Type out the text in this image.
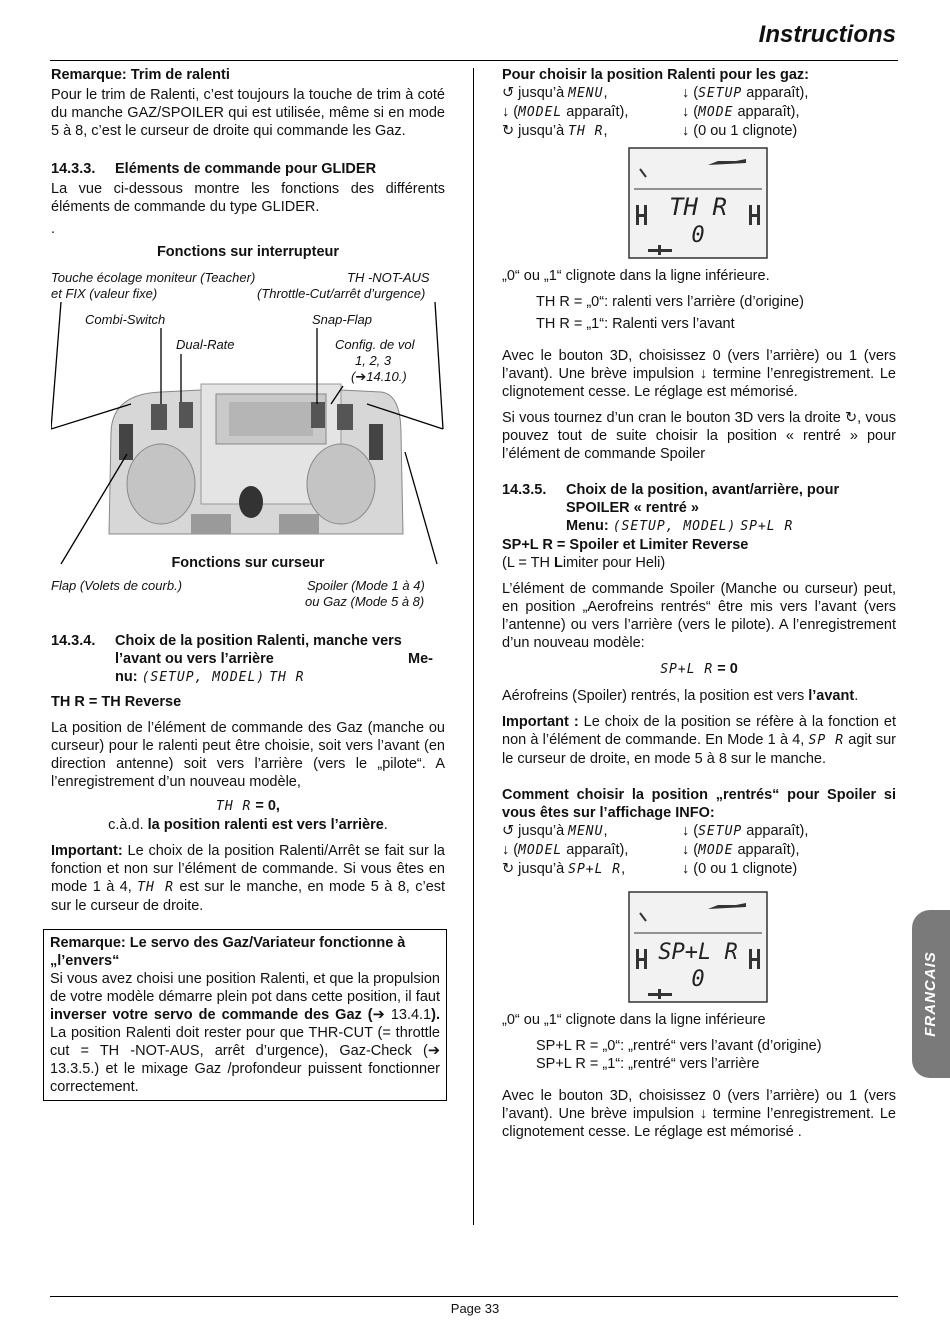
Instructions

Remarque: Trim de ralenti

Pour le trim de Ralenti, c’est toujours la touche de trim à coté du manche GAZ/SPOILER qui est utilisée, même si en mode 5 à 8, c’est le curseur de droite qui commande les Gaz.

14.3.3. Eléments de commande pour GLIDER

La vue ci-dessous montre les fonctions des différents éléments de commande du type GLIDER.

.

Fonctions sur interrupteur
Touche écolage moniteur (Teacher)
et FIX (valeur fixe)
TH -NOT-AUS
(Throttle-Cut/arrêt d’urgence)
Combi-Switch	Snap-Flap
Dual-Rate	Config. de vol
1, 2, 3
(➔14.10.)
Fonctions sur curseur
Flap (Volets de courb.)	Spoiler (Mode 1 à 4)
ou Gaz (Mode 5 à 8)
14.3.4. Choix de la position Ralenti, manche vers
l’avant ou vers l’arrière	Me-
nu: (SETUP, MODEL) TH R

TH R = TH Reverse

La position de l’élément de commande des Gaz (manche ou curseur) pour le ralenti peut être choisie, soit vers l’avant (en direction antenne) soit vers l’arrière (vers le „pilote“. A l’enregistrement d’un nouveau modèle,

TH R = 0,

c.à.d. la position ralenti est vers l’arrière.

Important: Le choix de la position Ralenti/Arrêt se fait sur la fonction et non sur l’élément de commande. Si vous êtes en mode 1 à 4, TH R est sur le manche, en mode 5 à 8, c’est sur le curseur de droite.

Remarque: Le servo des Gaz/Variateur fonctionne à „l’envers“

Si vous avez choisi une position Ralenti, et que la propulsion de votre modèle démarre plein pot dans cette position, il faut inverser votre servo de commande des Gaz (➔ 13.4.1). La position Ralenti doit rester pour que THR-CUT (= throttle cut = TH -NOT-AUS, arrêt d’urgence), Gaz-Check (➔ 13.3.5.) et le mixage Gaz /profondeur puissent fonctionner correctement.

Pour choisir la position Ralenti pour les gaz:

↺ jusqu’à MENU,	↓ (SETUP apparaît),
↓ (MODEL apparaît),	↓ (MODE apparaît),
↻ jusqu’à TH R,	↓ (0 ou 1 clignote)
TH R
0

„0“ ou „1“ clignote dans la ligne inférieure.

TH R = „0“: ralenti vers l’arrière (d’origine)

TH R = „1“: Ralenti vers l’avant

Avec le bouton 3D, choisissez 0 (vers l’arrière) ou 1 (vers l’avant). Une brève impulsion ↓ termine l’enregistrement. Le clignotement cesse. Le réglage est mémorisé.

Si vous tournez d’un cran le bouton 3D vers la droite ↻, vous pouvez tout de suite choisir la position « rentré » pour l’élément de commande Spoiler

14.3.5. Choix de la position, avant/arrière, pour
SPOILER « rentré »
Menu: (SETUP, MODEL) SP+L R

SP+L R = Spoiler et Limiter Reverse

(L = TH Limiter pour Heli)

L’élément de commande Spoiler (Manche ou curseur) peut, en position „Aerofreins rentrés“ être mis vers l’avant (vers l’antenne) ou vers l’arrière (vers le pilote). A l’enregistrement d’un nouveau modèle:

SP+L R = 0

Aérofreins (Spoiler) rentrés, la position est vers l’avant.

Important : Le choix de la position se réfère à la fonction et non à l’élément de commande. En Mode 1 à 4, SP R agit sur le curseur de droite, en mode 5 à 8 sur le manche.

Comment choisir la position „rentrés“ pour Spoiler si vous êtes sur l’affichage INFO:

↺ jusqu’à MENU,	↓ (SETUP apparaît),
↓ (MODEL apparaît),	↓ (MODE apparaît),
↻ jusqu’à SP+L R,	↓ (0 ou 1 clignote)
SP+L R
0

„0“ ou „1“ clignote dans la ligne inférieure

SP+L R = „0“: „rentré“ vers l’avant (d’origine)

SP+L R = „1“: „rentré“ vers l’arrière

Avec le bouton 3D, choisissez 0 (vers l’arrière) ou 1 (vers l’avant). Une brève impulsion ↓ termine l’enregistrement. Le clignotement cesse. Le réglage est mémorisé .

FRANCAIS
Page 33
